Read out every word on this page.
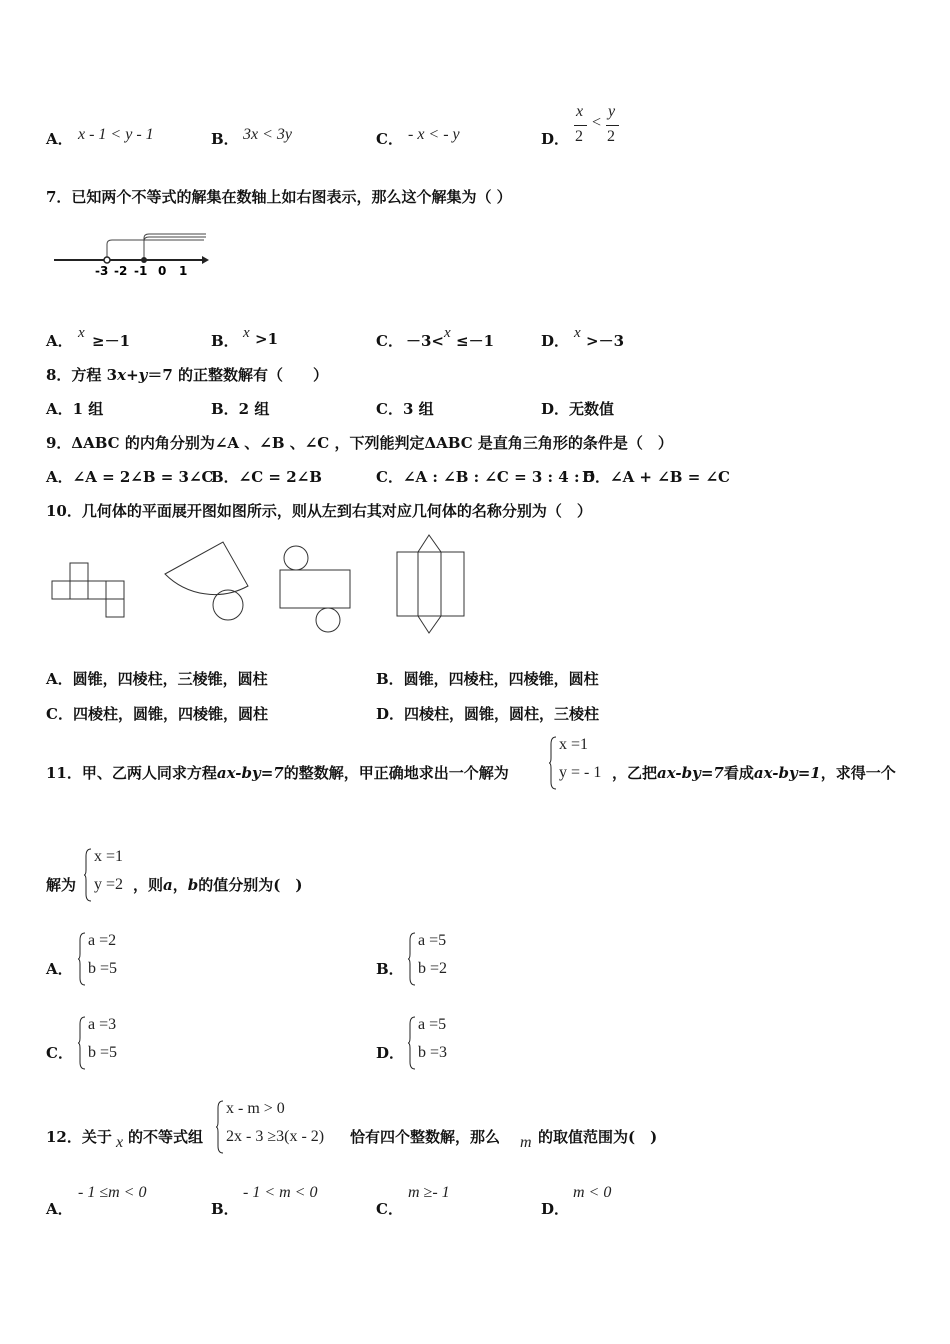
A． x - 1 < y - 1	B． 3x < 3y	C． - x < - y	D．
x
2
<
y
2
7．已知两个不等式的解集在数轴上如右图表示，那么这个解集为（ ）
-3 -2 -1 0 1
A． x ≥－1	B． x >1	C． －3< x ≤－1	D． x >－3
8．方程 3x+y＝7 的正整数解有（　　）
A．1 组	B．2 组	C．3 组	D．无数值
9．ΔABC 的内角分别为∠A 、∠B 、∠C ，下列能判定ΔABC 是直角三角形的条件是（　）
A．∠A = 2∠B = 3∠C
B．∠C = 2∠B	C．∠A : ∠B : ∠C = 3 : 4 : 5
D．∠A + ∠B = ∠C
10．几何体的平面展开图如图所示，则从左到右其对应几何体的名称分别为（　）
A．圆锥，四棱柱，三棱锥，圆柱	B．圆锥，四棱柱，四棱锥，圆柱
C．四棱柱，圆锥，四棱锥，圆柱	D．四棱柱，圆锥，圆柱，三棱柱
11．甲、乙两人同求方程ax-by=7的整数解，甲正确地求出一个解为
x =1
y = - 1 ，乙把ax-by=7看成ax-by=1，求得一个
解为
x =1
y =2 ，则a，b的值分别为(　)
A．
a =2
b =5	B．
a =5
b =2
C．
a =3
b =5	D．
a =5
b =3
12．关于 x 的不等式组
x - m > 0
2x - 3 ≥3(x - 2) 恰有四个整数解，那么 m 的取值范围为(　)
A．
- 1 ≤m < 0
B．
- 1 < m < 0
C．
m ≥- 1
D．
m < 0
